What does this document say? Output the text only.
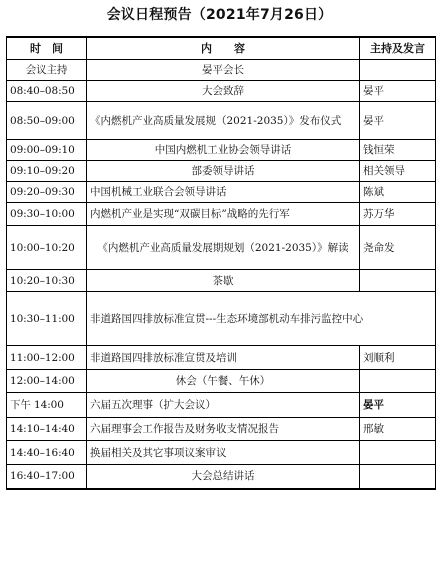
会议日程预告（2021年7月26日）
时　间	内　　容	主持及发言
会议主持	晏平会长	
08:40–08:50	大会致辞	晏平
08:50–09:00	《内燃机产业高质量发展规（2021-2035）》发布仪式	晏平
09:00–09:10	中国内燃机工业协会领导讲话	钱恒荣
09:10–09:20	部委领导讲话	相关领导
09:20–09:30	中国机械工业联合会领导讲话	陈斌
09:30–10:00	内燃机产业是实现“双碳目标”战略的先行军	苏万华
10:00–10:20	《内燃机产业高质量发展期规划（2021-2035）》解读	尧命发
10:20–10:30	茶歇	
10:30–11:00	非道路国四排放标准宣贯---生态环境部机动车排污监控中心	
11:00–12:00	非道路国四排放标准宣贯及培训	刘顺利
12:00–14:00	休会（午餐、午休）	
下午 14:00	六届五次理事（扩大会议）	晏平
14:10–14:40	六届理事会工作报告及财务收支情况报告	邢敏
14:40–16:40	换届相关及其它事项议案审议	
16:40–17:00	大会总结讲话	
